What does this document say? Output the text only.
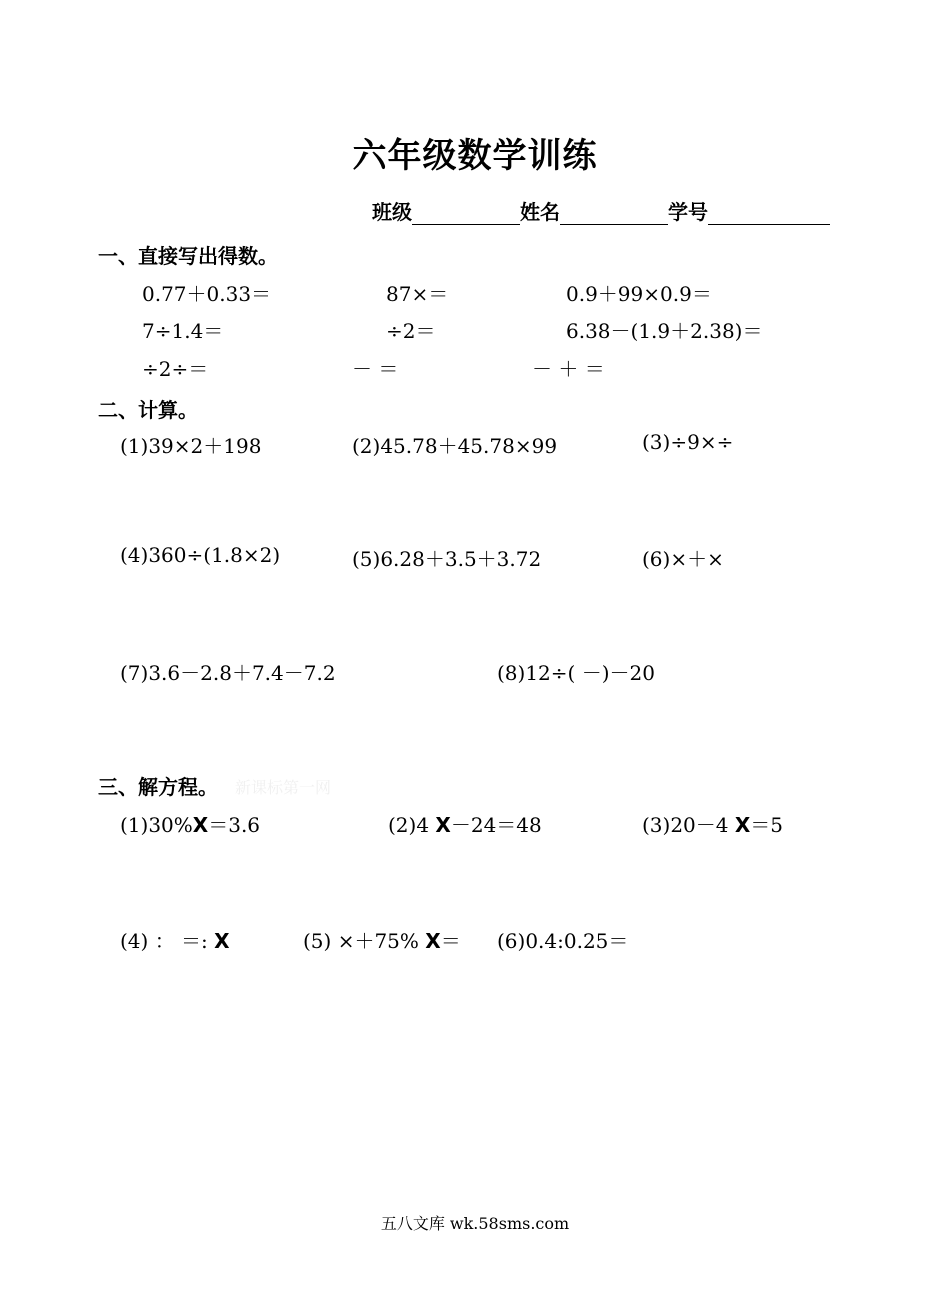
六年级数学训练
班级	姓名	学号
一、直接写出得数。
0.77＋0.33＝	87×＝	0.9＋99×0.9＝
7÷1.4＝	÷2＝	6.38－(1.9＋2.38)＝
÷2÷＝	－ ＝	－ ＋ ＝
二、计算。
(1)39×2＋198	(2)45.78＋45.78×99	(3)÷9×÷
(4)360÷(1.8×2)	(5)6.28＋3.5＋3.72	(6)×＋×
(7)3.6－2.8＋7.4－7.2	(8)12÷( －)－20
三、解方程。 新课标第一网
(1)30%X＝3.6	(2)4 X－24＝48	(3)20－4 X＝5
(4) ： ＝: X	(5) ×＋75% X＝ (6)0.4:0.25＝
五八文库 wk.58sms.com
